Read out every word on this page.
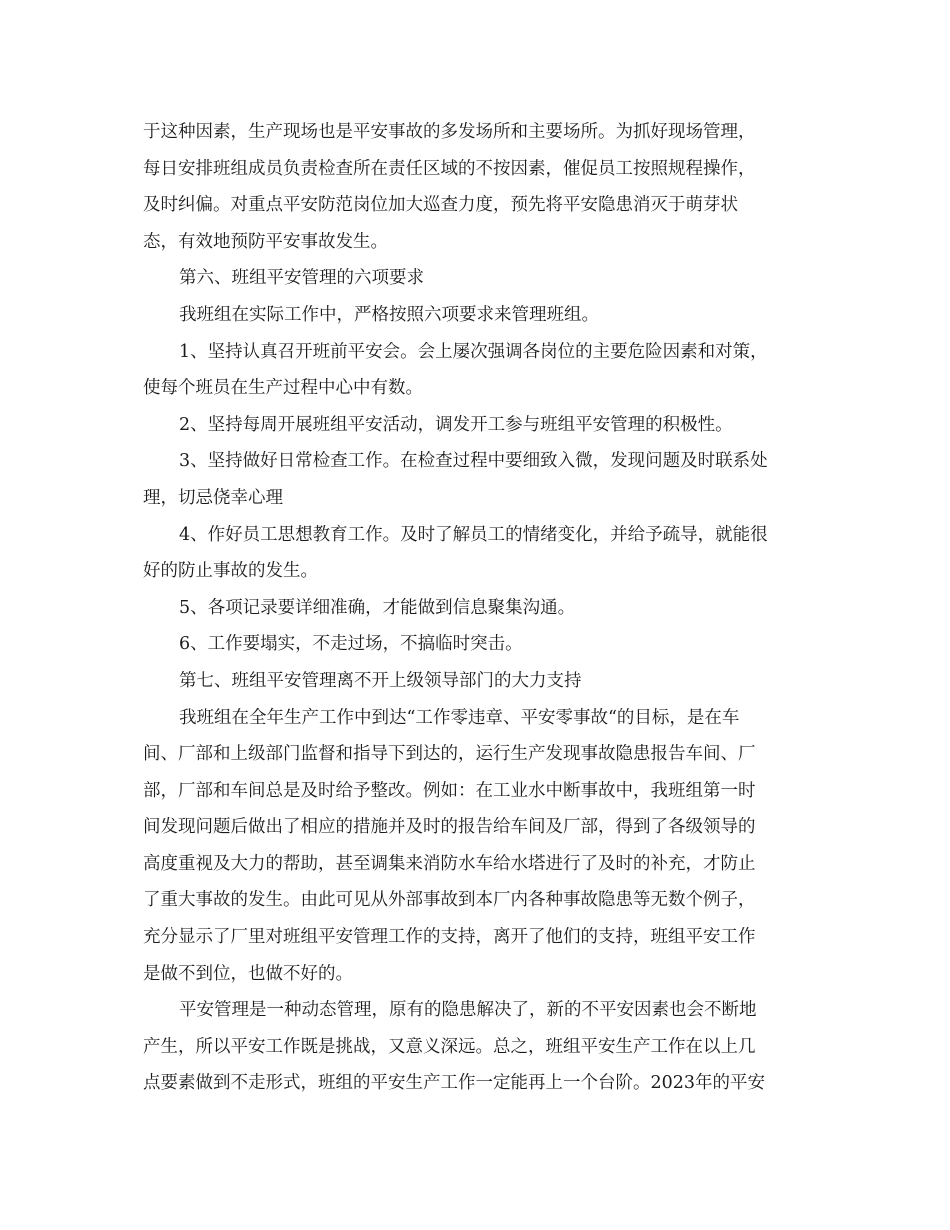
于这种因素，生产现场也是平安事故的多发场所和主要场所。为抓好现场管理，
每日安排班组成员负责检查所在责任区域的不按因素，催促员工按照规程操作，
及时纠偏。对重点平安防范岗位加大巡查力度，预先将平安隐患消灭于萌芽状
态，有效地预防平安事故发生。
第六、班组平安管理的六项要求
我班组在实际工作中，严格按照六项要求来管理班组。
1、坚持认真召开班前平安会。会上屡次强调各岗位的主要危险因素和对策，
使每个班员在生产过程中心中有数。
2、坚持每周开展班组平安活动，调发开工参与班组平安管理的积极性。
3、坚持做好日常检查工作。在检查过程中要细致入微，发现问题及时联系处
理，切忌侥幸心理
4、作好员工思想教育工作。及时了解员工的情绪变化，并给予疏导，就能很
好的防止事故的发生。
5、各项记录要详细准确，才能做到信息聚集沟通。
6、工作要塌实，不走过场，不搞临时突击。
第七、班组平安管理离不开上级领导部门的大力支持
我班组在全年生产工作中到达“工作零违章、平安零事故“的目标，是在车
间、厂部和上级部门监督和指导下到达的，运行生产发现事故隐患报告车间、厂
部，厂部和车间总是及时给予整改。例如：在工业水中断事故中，我班组第一时
间发现问题后做出了相应的措施并及时的报告给车间及厂部，得到了各级领导的
高度重视及大力的帮助，甚至调集来消防水车给水塔进行了及时的补充，才防止
了重大事故的发生。由此可见从外部事故到本厂内各种事故隐患等无数个例子，
充分显示了厂里对班组平安管理工作的支持，离开了他们的支持，班组平安工作
是做不到位，也做不好的。
平安管理是一种动态管理，原有的隐患解决了，新的不平安因素也会不断地
产生，所以平安工作既是挑战，又意义深远。总之，班组平安生产工作在以上几
点要素做到不走形式，班组的平安生产工作一定能再上一个台阶。2023年的平安
